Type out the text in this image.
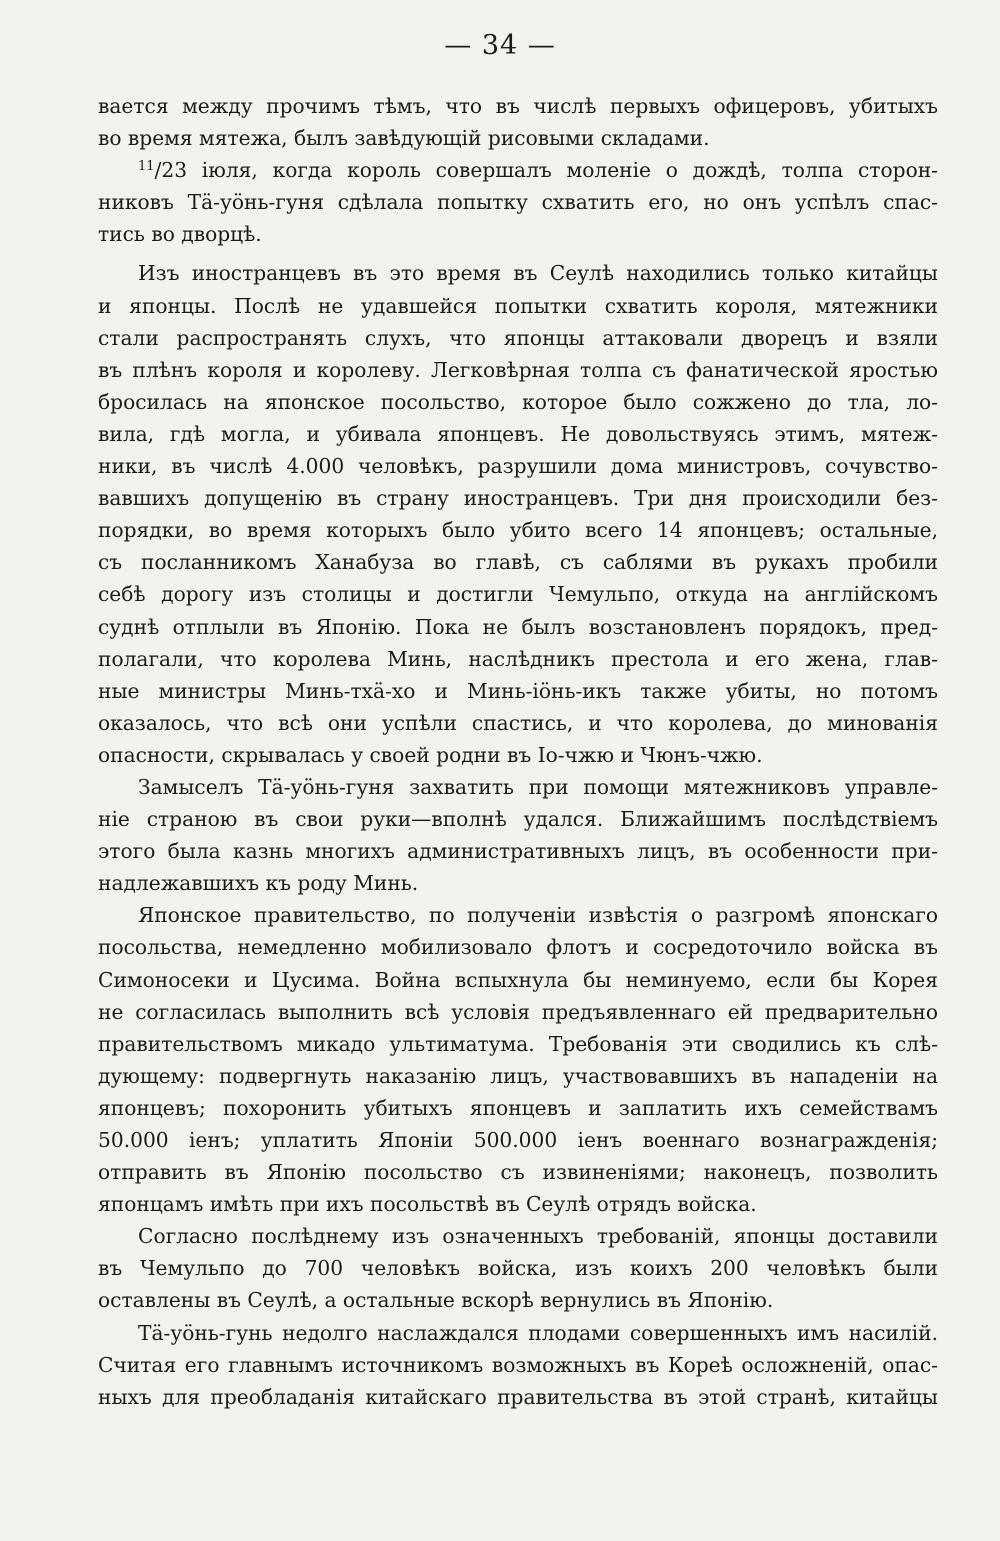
— 34 —
вается между прочимъ тѣмъ, что въ числѣ первыхъ офицеровъ, убитыхъ
во время мятежа, былъ завѣдующій рисовыми складами.
$^{11}$/23 іюля, когда король совершалъ моленіе о дождѣ, толпа сторон-
никовъ Тä-уöнь-гуня сдѣлала попытку схватить его, но онъ успѣлъ спас-
тись во дворцѣ.
Изъ иностранцевъ въ это время въ Сеулѣ находились только китайцы
и японцы. Послѣ не удавшейся попытки схватить короля, мятежники
стали распространять слухъ, что японцы аттаковали дворецъ и взяли
въ плѣнъ короля и королеву. Легковѣрная толпа съ фанатической яростью
бросилась на японское посольство, которое было сожжено до тла, ло-
вила, гдѣ могла, и убивала японцевъ. Не довольствуясь этимъ, мятеж-
ники, въ числѣ 4.000 человѣкъ, разрушили дома министровъ, сочувство-
вавшихъ допущенію въ страну иностранцевъ. Три дня происходили без-
порядки, во время которыхъ было убито всего 14 японцевъ; остальные,
съ посланникомъ Ханабуза во главѣ, съ саблями въ рукахъ пробили
себѣ дорогу изъ столицы и достигли Чемульпо, откуда на англійскомъ
суднѣ отплыли въ Японію. Пока не былъ возстановленъ порядокъ, пред-
полагали, что королева Минь, наслѣдникъ престола и его жена, глав-
ные министры Минь-тхä-хо и Минь-іöнь-икъ также убиты, но потомъ
оказалось, что всѣ они успѣли спастись, и что королева, до минованія
опасности, скрывалась у своей родни въ Іо-чжю и Чюнъ-чжю.
Замыселъ Тä-уöнь-гуня захватить при помощи мятежниковъ управле-
ніе страною въ свои руки—вполнѣ удался. Ближайшимъ послѣдствіемъ
этого была казнь многихъ административныхъ лицъ, въ особенности при-
надлежавшихъ къ роду Минь.
Японское правительство, по полученіи извѣстія о разгромѣ японскаго
посольства, немедленно мобилизовало флотъ и сосредоточило войска въ
Симоносеки и Цусима. Война вспыхнула бы неминуемо, если бы Корея
не согласилась выполнить всѣ условія предъявленнаго ей предварительно
правительствомъ микадо ультиматума. Требованія эти сводились къ слѣ-
дующему: подвергнуть наказанію лицъ, участвовавшихъ въ нападеніи на
японцевъ; похоронить убитыхъ японцевъ и заплатить ихъ семействамъ
50.000 іенъ; уплатить Японіи 500.000 іенъ военнаго вознагражденія;
отправить въ Японію посольство съ извиненіями; наконецъ, позволить
японцамъ имѣть при ихъ посольствѣ въ Сеулѣ отрядъ войска.
Согласно послѣднему изъ означенныхъ требованій, японцы доставили
въ Чемульпо до 700 человѣкъ войска, изъ коихъ 200 человѣкъ были
оставлены въ Сеулѣ, а остальные вскорѣ вернулись въ Японію.
Тä-уöнь-гунь недолго наслаждался плодами совершенныхъ имъ насилій.
Считая его главнымъ источникомъ возможныхъ въ Кореѣ осложненій, опас-
ныхъ для преобладанія китайскаго правительства въ этой странѣ, китайцы
